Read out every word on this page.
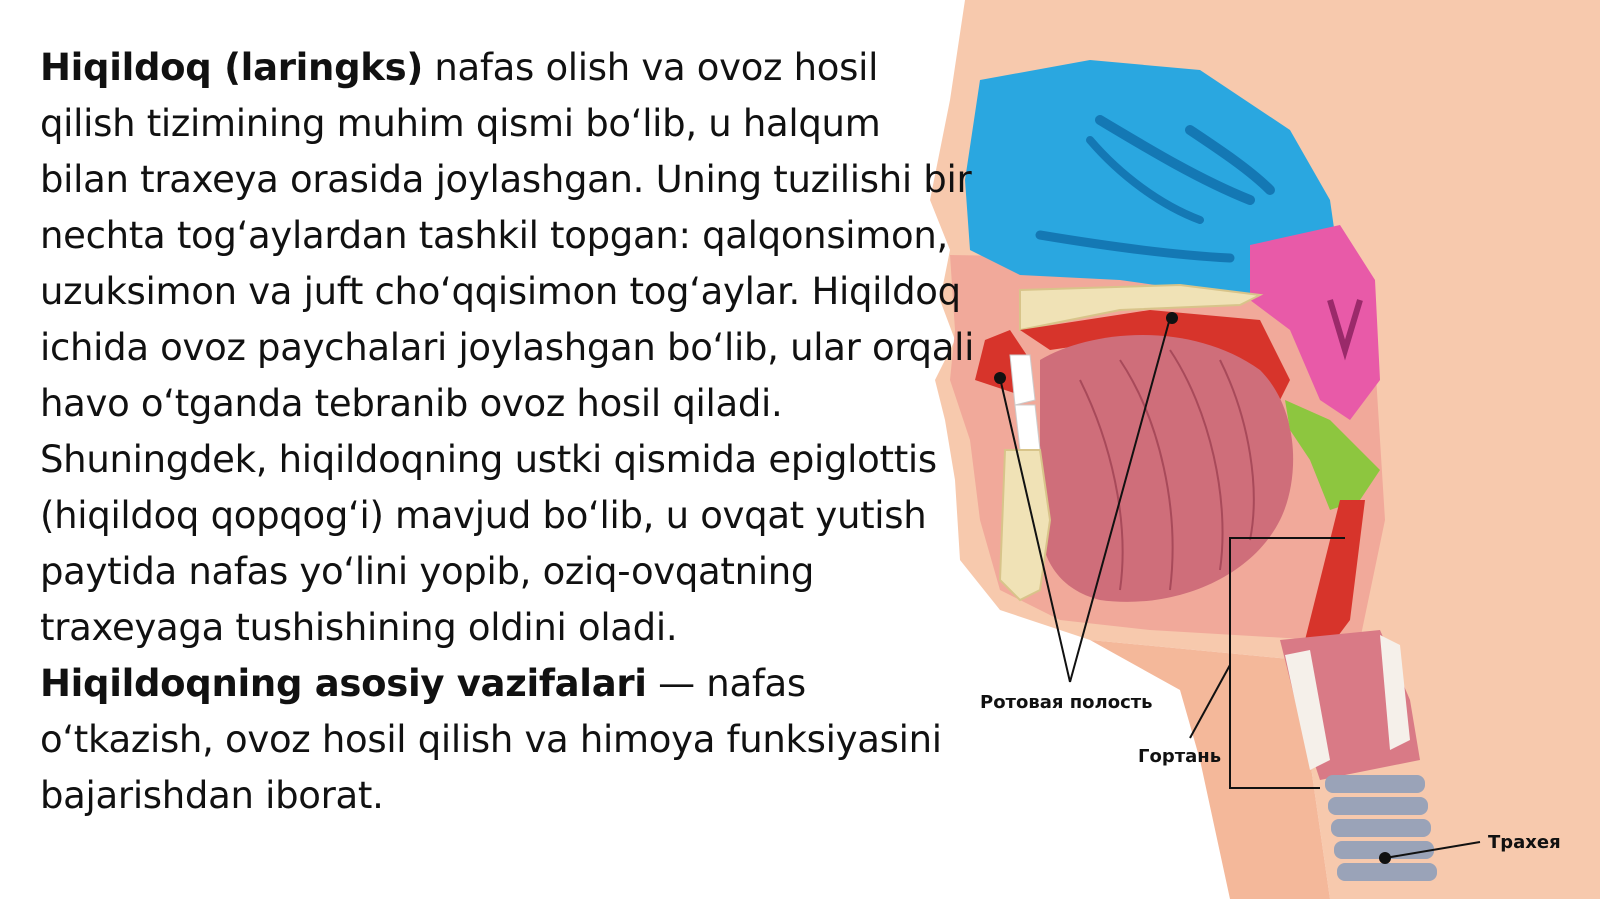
Hiqildoq (laringks) nafas olish va ovoz hosil qilish tizimining muhim qismi bo‘lib, u halqum bilan traxeya orasida joylashgan. Uning tuzilishi bir nechta tog‘aylardan tashkil topgan: qalqonsimon, uzuksimon va juft cho‘qqisimon tog‘aylar. Hiqildoq ichida ovoz paychalari joylashgan bo‘lib, ular orqali havo o‘tganda tebranib ovoz hosil qiladi. Shuningdek, hiqildoqning ustki qismida epiglottis (hiqildoq qopqog‘i) mavjud bo‘lib, u ovqat yutish paytida nafas yo‘lini yopib, oziq-ovqatning traxeyaga tushishining oldini oladi.

Hiqildoqning asosiy vazifalari — nafas o‘tkazish, ovoz hosil qilish va himoya funksiyasini bajarishdan iborat.

Ротовая полость
Гортань
Трахея
